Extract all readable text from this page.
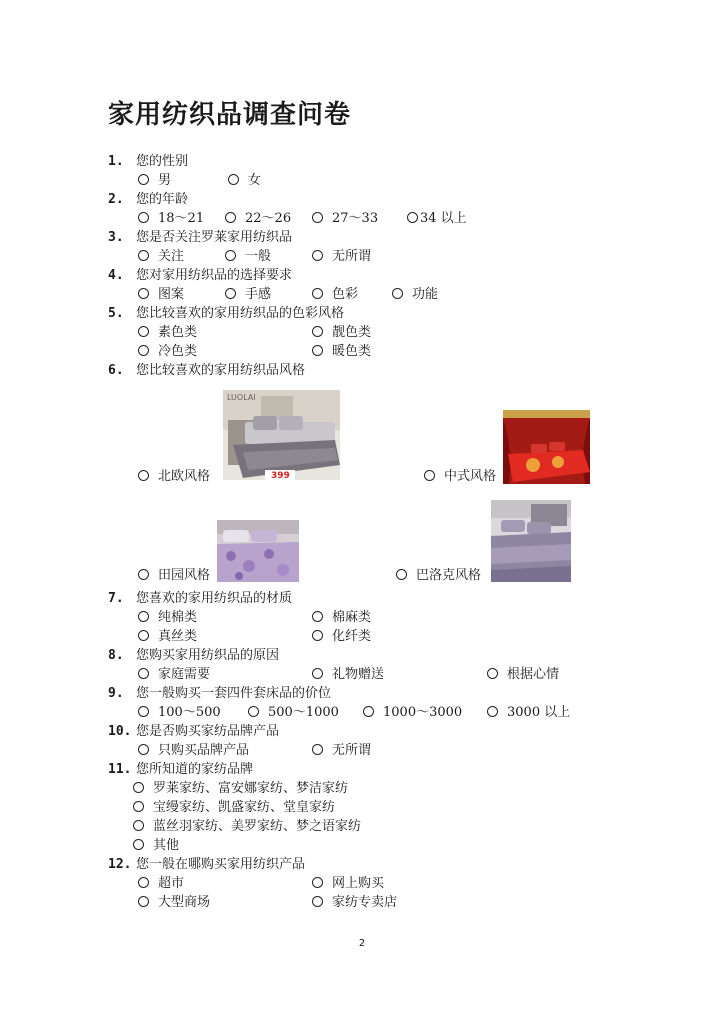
家用纺织品调查问卷
1. 您的性别
男	女
2. 您的年龄
18～21	22～26	27～33	34 以上
3. 您是否关注罗莱家用纺织品
关注	一般	无所谓
4. 您对家用纺织品的选择要求
图案	手感	色彩	功能
5. 您比较喜欢的家用纺织品的色彩风格
素色类	靓色类
冷色类	暖色类
6. 您比较喜欢的家用纺织品风格
LUOLAI
399
北欧风格	中式风格
田园风格	巴洛克风格
7. 您喜欢的家用纺织品的材质
纯棉类	棉麻类
真丝类	化纤类
8. 您购买家用纺织品的原因
家庭需要	礼物赠送	根据心情
9. 您一般购买一套四件套床品的价位
100～500	500～1000	1000～3000	3000 以上
10. 您是否购买家纺品牌产品
只购买品牌产品	无所谓
11. 您所知道的家纺品牌
罗莱家纺、富安娜家纺、梦洁家纺
宝缦家纺、凯盛家纺、堂皇家纺
蓝丝羽家纺、美罗家纺、梦之语家纺
其他
12. 您一般在哪购买家用纺织产品
超市	网上购买
大型商场	家纺专卖店
2
